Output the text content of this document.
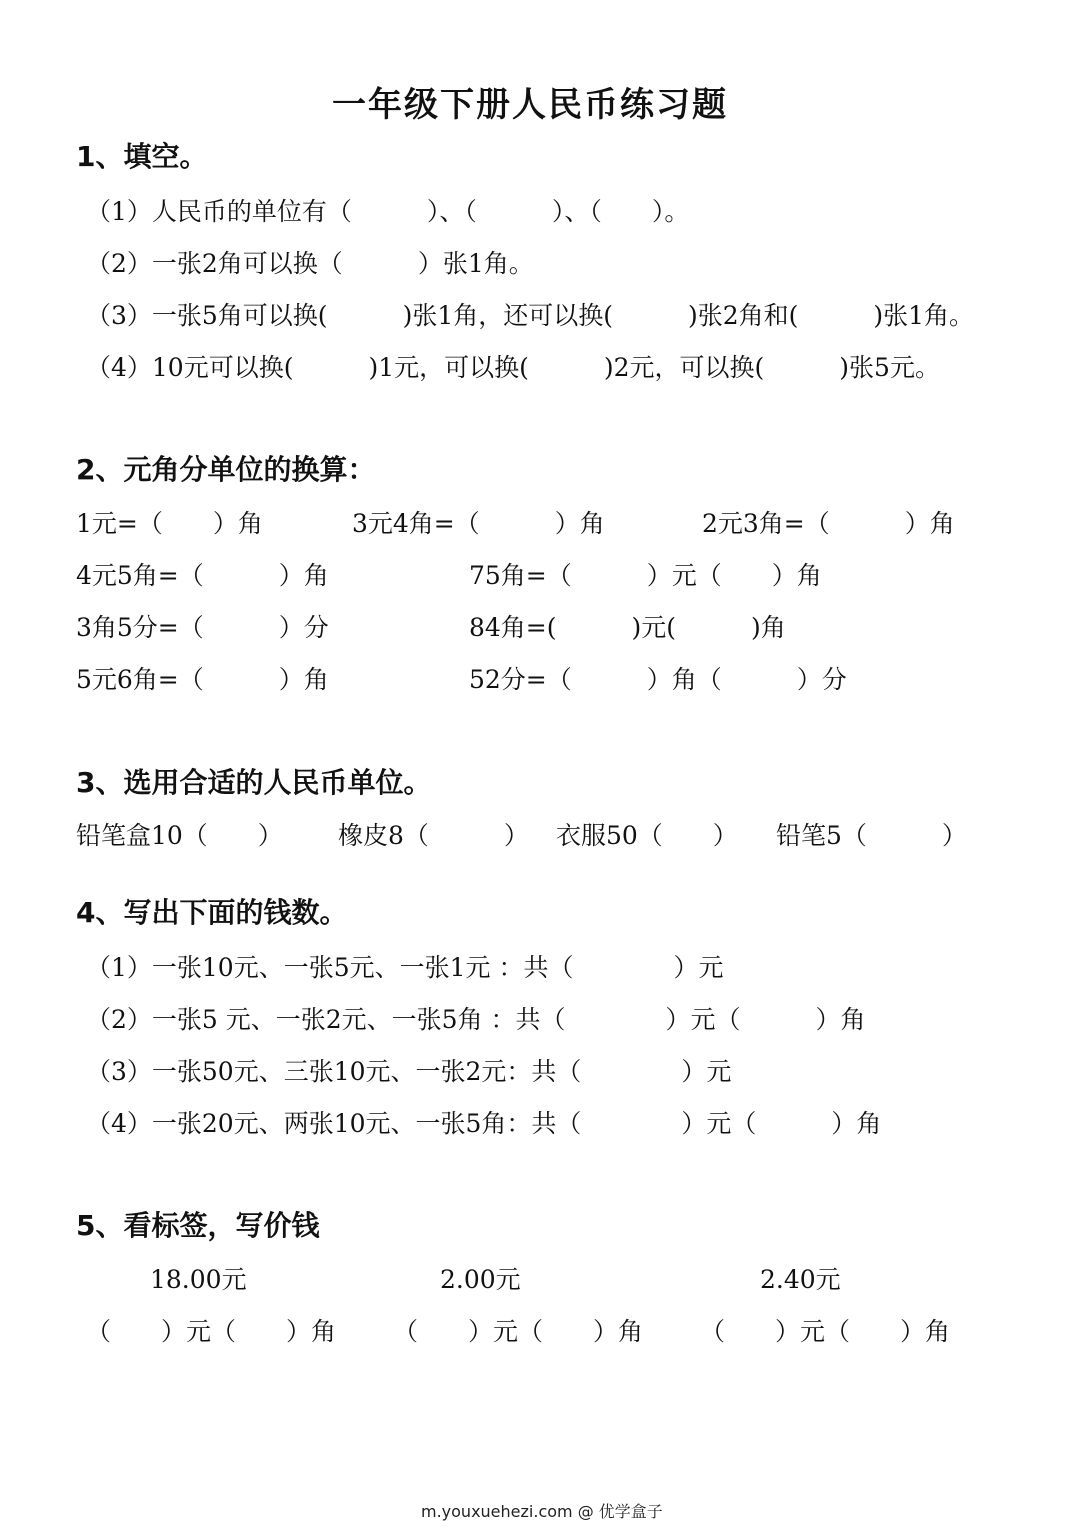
一年级下册人民币练习题
1、填空。
（1）人民币的单位有（　　　）、（　　　）、（　　）。
（2）一张2角可以换（　　　）张1角。
（3）一张5角可以换(　　　)张1角，还可以换(　　　)张2角和(　　　)张1角。
（4）10元可以换(　　　)1元，可以换(　　　)2元，可以换(　　　)张5元。
2、元角分单位的换算：
1元=（　　）角	3元4角=（　　　）角	2元3角=（　　　）角
4元5角=（　　　）角	75角=（　　　）元（　　）角
3角5分=（　　　）分	84角=(　　　)元(　　　)角
5元6角=（　　　）角	52分=（　　　）角（　　　）分
3、选用合适的人民币单位。
铅笔盒10（　　） 橡皮8（　　　） 衣服50（　　） 铅笔5（　　　）
4、写出下面的钱数。
（1）一张10元、一张5元、一张1元 ：共（　　　　）元
（2）一张5 元、一张2元、一张5角 ：共（　　　　）元（　　　）角
（3）一张50元、三张10元、一张2元：共（　　　　）元
（4）一张20元、两张10元、一张5角：共（　　　　）元（　　　）角
5、看标签，写价钱
18.00元	2.00元	2.40元
（　　）元（　　）角 （　　）元（　　）角 （　　）元（　　）角
m.youxuehezi.com @ 优学盒子
